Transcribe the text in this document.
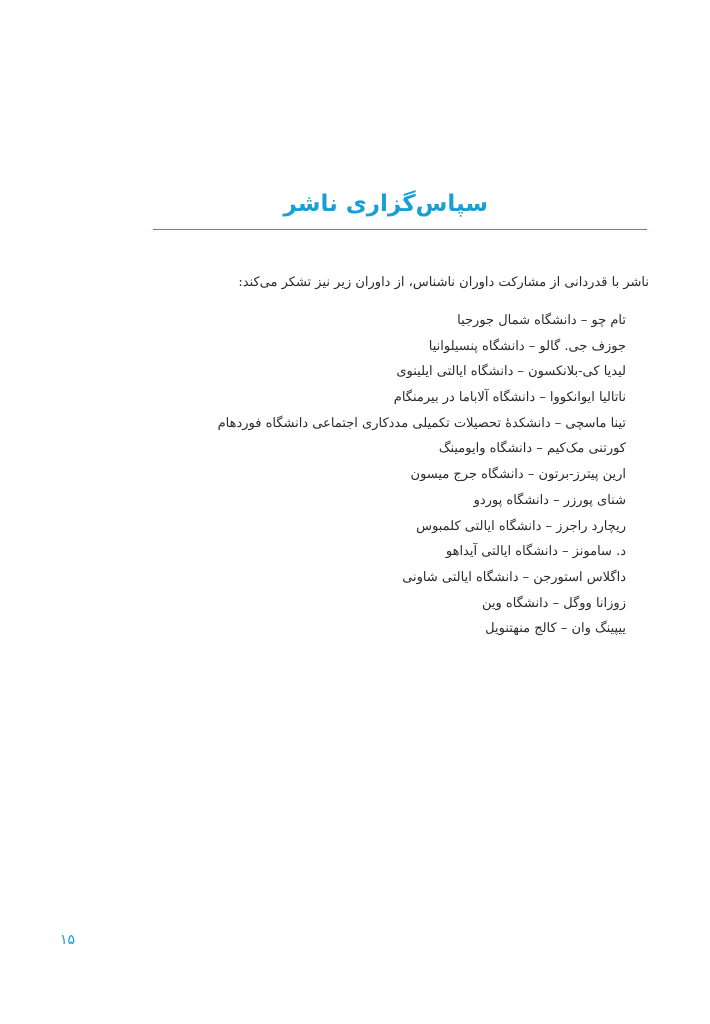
سپاس‌گزاری ناشر

ناشر با قدردانی از مشارکت داوران ناشناس، از داوران زیر نیز تشکر می‌کند:

تام چو – دانشگاه شمال جورجیا
جوزف جی. گالو – دانشگاه پنسیلوانیا
لیدیا کی-بلانکسون – دانشگاه ایالتی ایلینوی
ناتالیا ایوانکووا – دانشگاه آلاباما در بیرمنگام
تینا ماسچی – دانشکدهٔ تحصیلات تکمیلی مددکاری اجتماعی دانشگاه فوردهام
کورتنی مک‌کیم – دانشگاه وایومینگ
ارین پیترز-برتون – دانشگاه جرج میسون
شنای پورزر – دانشگاه پوردو
ریچارد راجرز – دانشگاه ایالتی کلمبوس
د. سامونز – دانشگاه ایالتی آیداهو
داگلاس استورجن – دانشگاه ایالتی شاونی
زوزانا ووگل – دانشگاه وین
ییپینگ وان – کالج منهتنویل
۱۵
